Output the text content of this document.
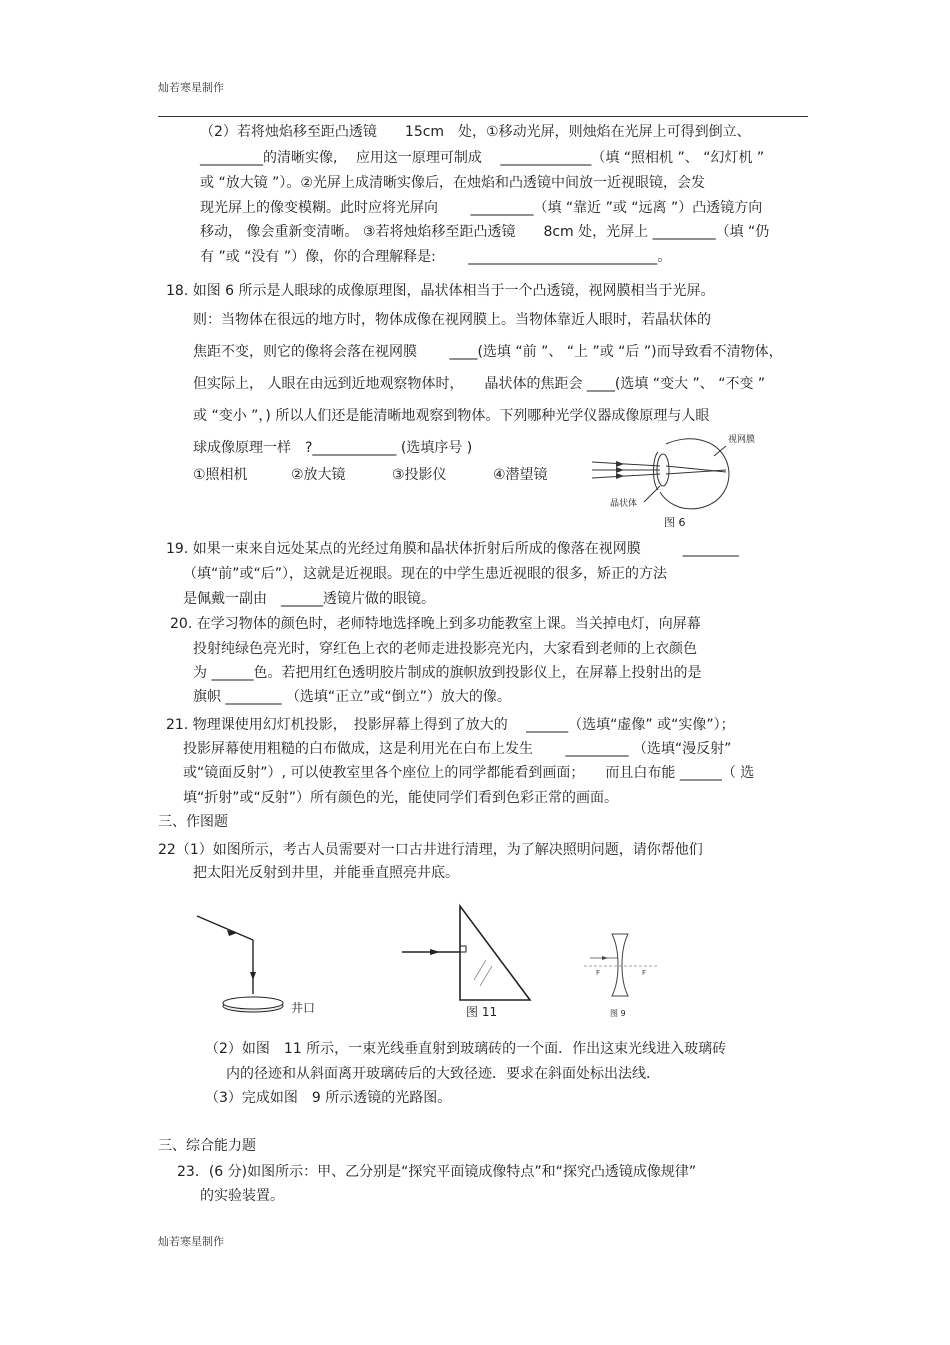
灿若寒星制作
（2）若将烛焰移至距凸透镜　　15cm　处，①移动光屏，则烛焰在光屏上可得到倒立、
_________的清晰实像,　 应用这一原理可制成　 _____________（填 “照相机 ”、 “幻灯机 ”
或 “放大镜 ”）。②光屏上成清晰实像后，在烛焰和凸透镜中间放一近视眼镜，会发
现光屏上的像变模糊。此时应将光屏向　　 _________（填 “靠近 ”或 “远离 ”）凸透镜方向
移动， 像会重新变清晰。 ③若将烛焰移至距凸透镜　　8cm 处，光屏上 _________（填 “仍
有 ”或 “没有 ”）像，你的合理解释是:　　 ___________________________。
18. 如图 6 所示是人眼球的成像原理图，晶状体相当于一个凸透镜，视网膜相当于光屏。
则：当物体在很远的地方时，物体成像在视网膜上。当物体靠近人眼时，若晶状体的
焦距不变，则它的像将会落在视网膜　　 ____(选填 “前 ”、 “上 ”或 “后 ”)而导致看不清物体，
但实际上， 人眼在由远到近地观察物体时，　　晶状体的焦距会 ____(选填 “变大 ”、 “不变 ”
或 “变小 ”，) 所以人们还是能清晰地观察到物体。下列哪种光学仪器成像原理与人眼
球成像原理一样　?____________ (选填序号 )
①照相机	②放大镜	③投影仪	④潜望镜
视网膜
晶状体
图 6
19. 如果一束来自远处某点的光经过角膜和晶状体折射后所成的像落在视网膜　　　________
（填“前”或“后”），这就是近视眼。现在的中学生患近视眼的很多，矫正的方法
是佩戴一副由　______透镜片做的眼镜。
20. 在学习物体的颜色时，老师特地选择晚上到多功能教室上课。当关掉电灯，向屏幕
投射纯绿色亮光时，穿红色上衣的老师走进投影亮光内，大家看到老师的上衣颜色
为 ______色。若把用红色透明胶片制成的旗帜放到投影仪上，在屏幕上投射出的是
旗帜 ________ （选填“正立”或“倒立”）放大的像。
21. 物理课使用幻灯机投影，　投影屏幕上得到了放大的　 ______（选填“虚像” 或“实像”）；
投影屏幕使用粗糙的白布做成，这是利用光在白布上发生　　 _________ （选填“漫反射”
或“镜面反射”）, 可以使教室里各个座位上的同学都能看到画面；　　而且白布能 ______（ 选
填“折射”或“反射”）所有颜色的光，能使同学们看到色彩正常的画面。
三、作图题
22（1）如图所示，考古人员需要对一口古井进行清理，为了解决照明问题，请你帮他们
把太阳光反射到井里，并能垂直照亮井底。
井口	图 11
F	F
图 9
（2）如图　11 所示，一束光线垂直射到玻璃砖的一个面．作出这束光线进入玻璃砖
内的径迹和从斜面离开玻璃砖后的大致径迹．要求在斜面处标出法线.
（3）完成如图　9 所示透镜的光路图。
三、综合能力题
23．(6 分)如图所示：甲、乙分别是“探究平面镜成像特点”和“探究凸透镜成像规律”
的实验装置。
灿若寒星制作
